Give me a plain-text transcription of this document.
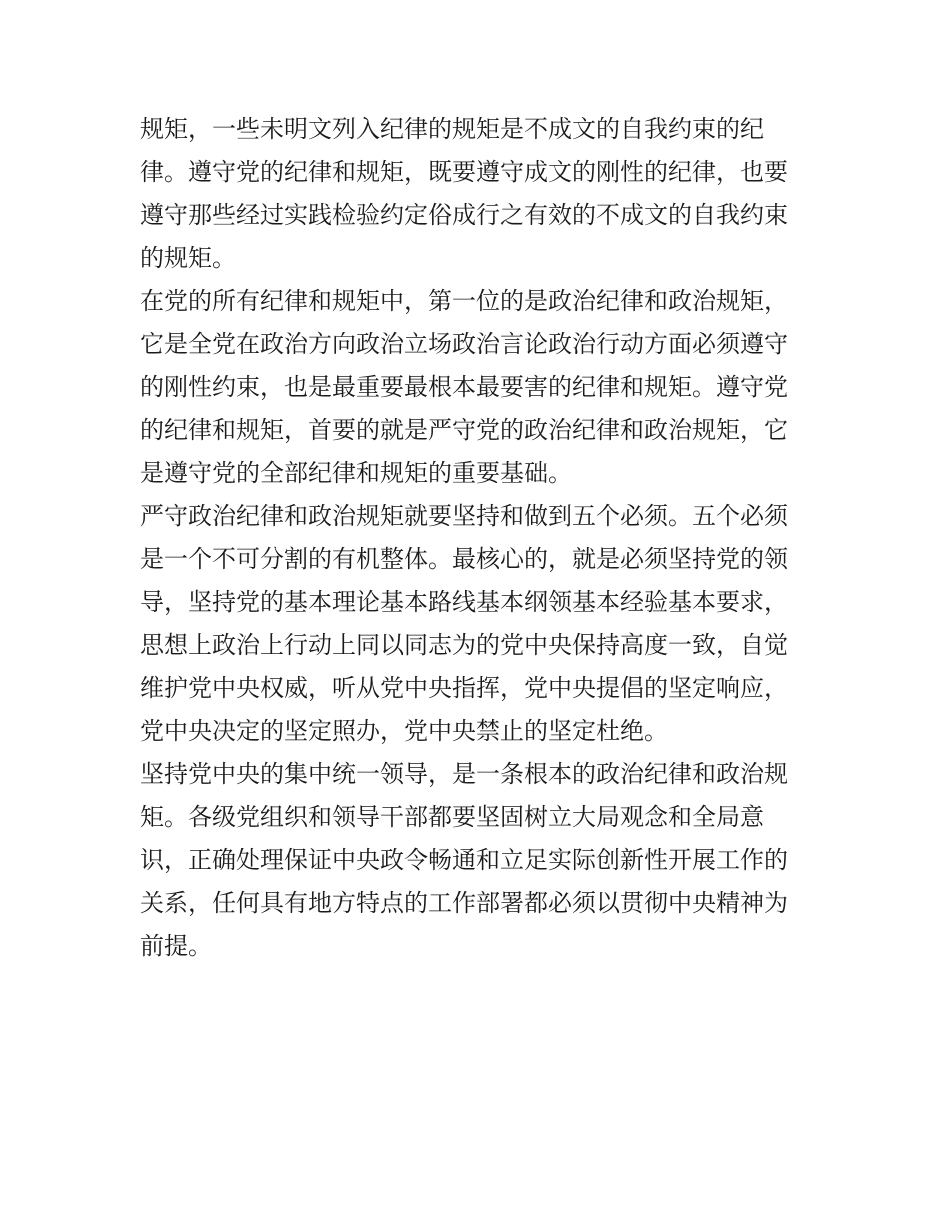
规矩，一些未明文列入纪律的规矩是不成文的自我约束的纪
律。遵守党的纪律和规矩，既要遵守成文的刚性的纪律，也要
遵守那些经过实践检验约定俗成行之有效的不成文的自我约束
的规矩。
在党的所有纪律和规矩中，第一位的是政治纪律和政治规矩，
它是全党在政治方向政治立场政治言论政治行动方面必须遵守
的刚性约束，也是最重要最根本最要害的纪律和规矩。遵守党
的纪律和规矩，首要的就是严守党的政治纪律和政治规矩，它
是遵守党的全部纪律和规矩的重要基础。
严守政治纪律和政治规矩就要坚持和做到五个必须。五个必须
是一个不可分割的有机整体。最核心的，就是必须坚持党的领
导，坚持党的基本理论基本路线基本纲领基本经验基本要求，
思想上政治上行动上同以同志为的党中央保持高度一致，自觉
维护党中央权威，听从党中央指挥，党中央提倡的坚定响应，
党中央决定的坚定照办，党中央禁止的坚定杜绝。
坚持党中央的集中统一领导，是一条根本的政治纪律和政治规
矩。各级党组织和领导干部都要坚固树立大局观念和全局意
识，正确处理保证中央政令畅通和立足实际创新性开展工作的
关系，任何具有地方特点的工作部署都必须以贯彻中央精神为
前提。
